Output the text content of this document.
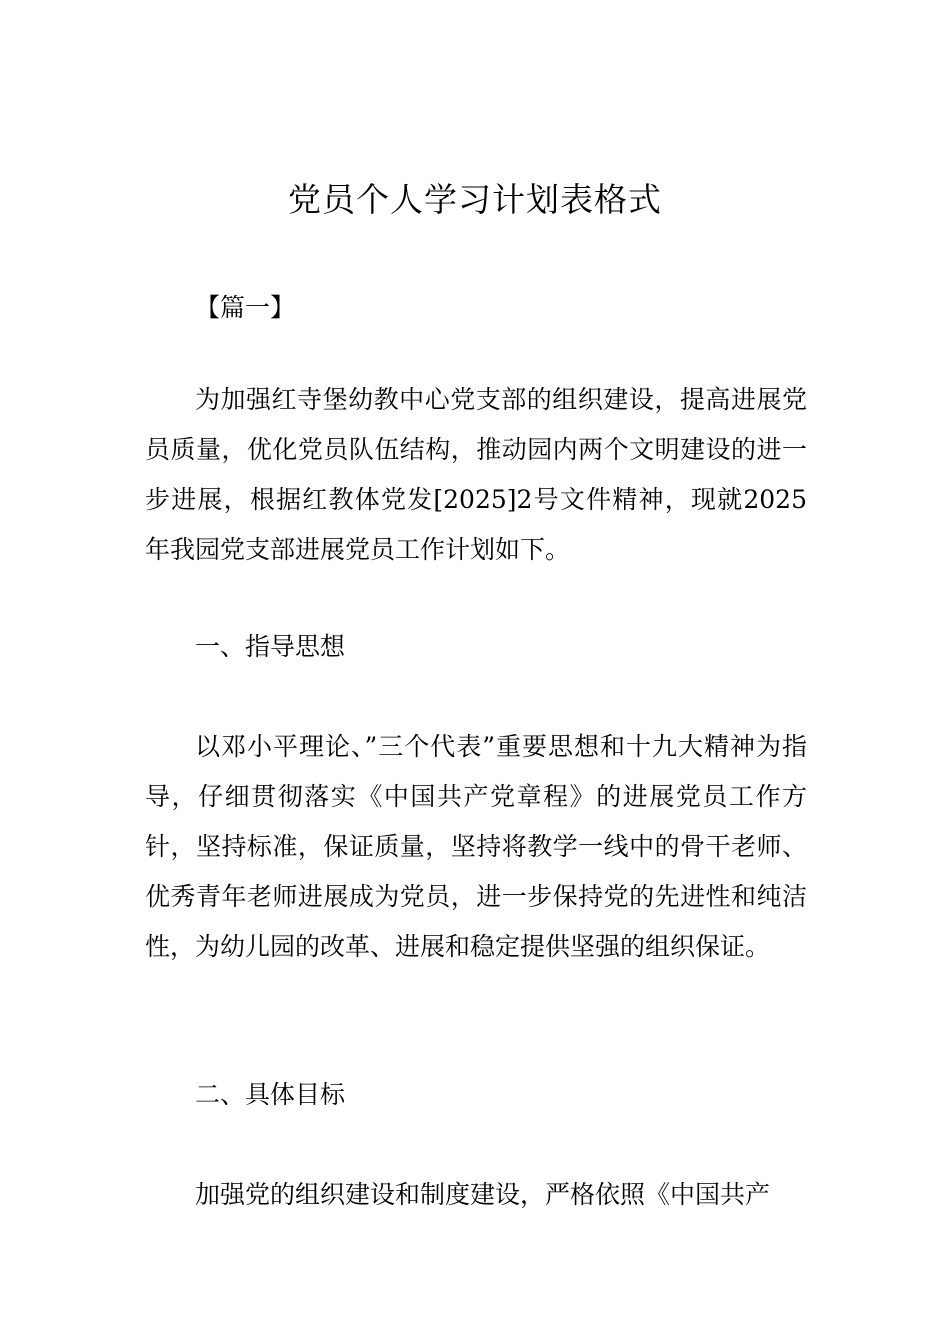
党员个人学习计划表格式

【篇一】

为加强红寺堡幼教中心党支部的组织建设，提高进展党员质量，优化党员队伍结构，推动园内两个文明建设的进一步进展，根据红教体党发[2025]2号文件精神，现就2025年我园党支部进展党员工作计划如下。

一、指导思想

以邓小平理论、”三个代表”重要思想和十九大精神为指导，仔细贯彻落实《中国共产党章程》的进展党员工作方针，坚持标准，保证质量，坚持将教学一线中的骨干老师、优秀青年老师进展成为党员，进一步保持党的先进性和纯洁性，为幼儿园的改革、进展和稳定提供坚强的组织保证。

二、具体目标

加强党的组织建设和制度建设，严格依照《中国共产
